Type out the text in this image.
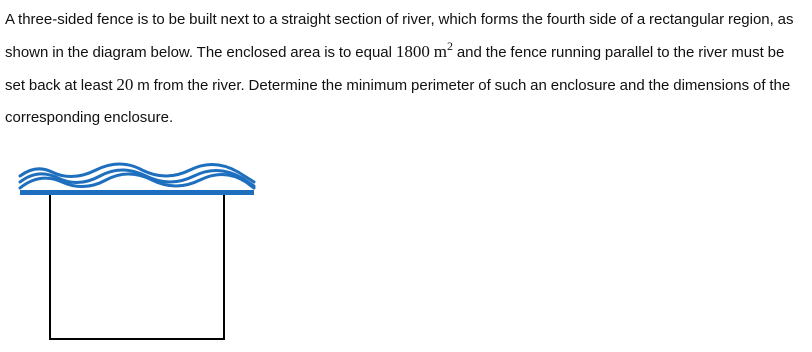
A three-sided fence is to be built next to a straight section of river, which forms the fourth side of a rectangular region, as shown in the diagram below. The enclosed area is to equal 1800 $m^2$ and the fence running parallel to the river must be set back at least 20 m from the river. Determine the minimum perimeter of such an enclosure and the dimensions of the corresponding enclosure.
